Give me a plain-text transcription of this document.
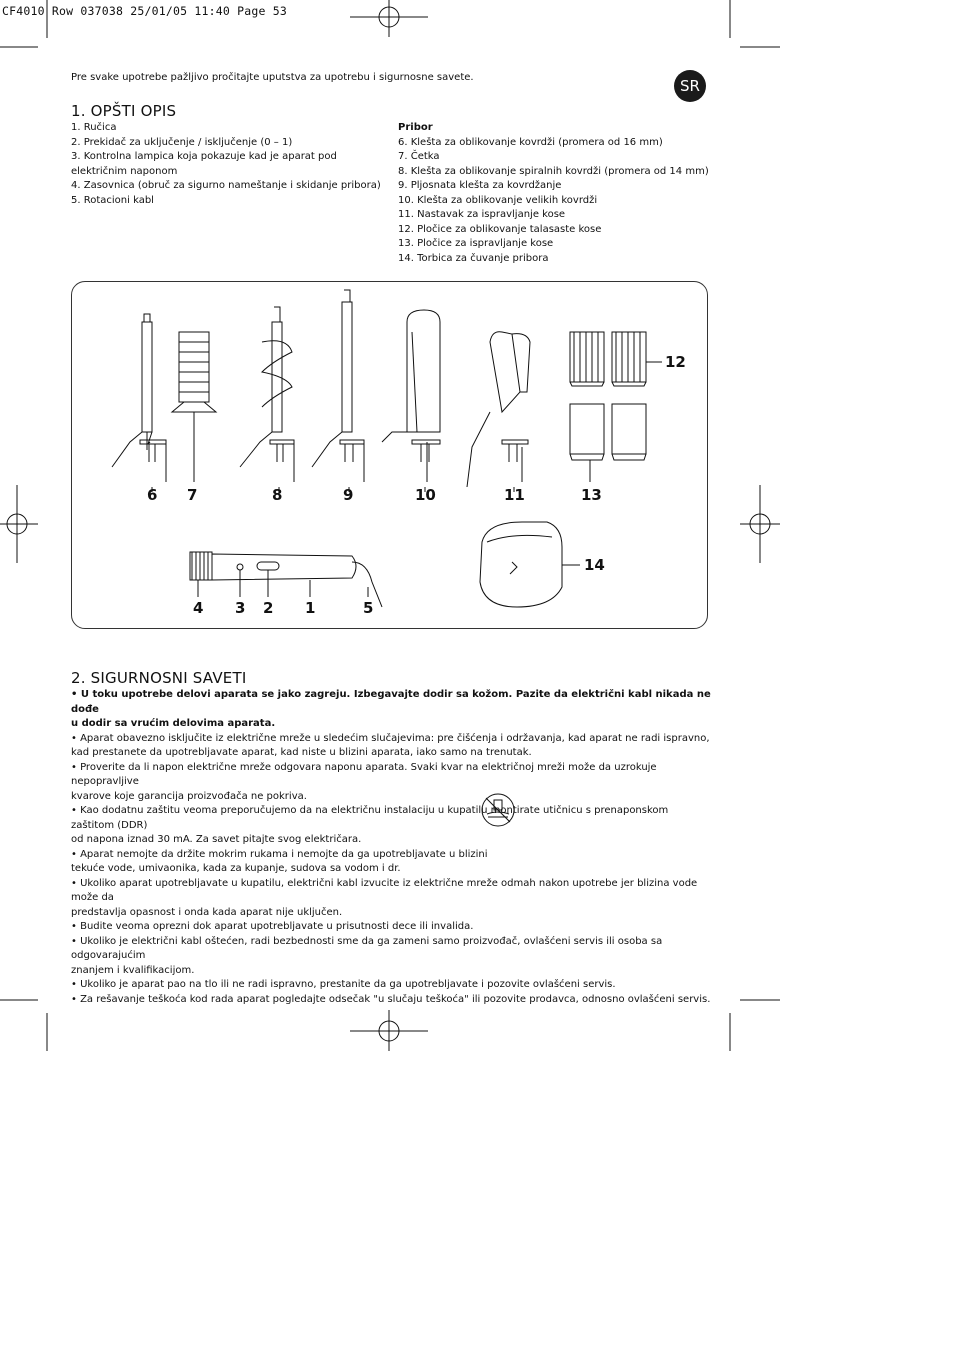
CF4010 Row 037038 25/01/05 11:40 Page 53
Pre svake upotrebe pažljivo pročitajte uputstva za upotrebu i sigurnosne savete.	SR
1. OPŠTI OPIS
1. Ručica
2. Prekidač za uključenje / isključenje (0 – 1)
3. Kontrolna lampica koja pokazuje kad je aparat pod
električnim naponom
4. Zasovnica (obruč za sigurno nameštanje i skidanje pribora)
5. Rotacioni kabl
Pribor
6. Klešta za oblikovanje kovrdži (promera od 16 mm)
7. Četka
8. Klešta za oblikovanje spiralnih kovrdži (promera od 14 mm)
9. Pljosnata klešta za kovrdžanje
10. Klešta za oblikovanje velikih kovrdži
11. Nastavak za ispravljanje kose
12. Pločice za oblikovanje talasaste kose
13. Pločice za ispravljanje kose
14. Torbica za čuvanje pribora
6 7	8	9	10	11
12
13
14
4 3 2 1	5
2. SIGURNOSNI SAVETI

• U toku upotrebe delovi aparata se jako zagreju. Izbegavajte dodir sa kožom. Pazite da električni kabl nikada ne dođe

u dodir sa vrućim delovima aparata.

• Aparat obavezno isključite iz električne mreže u sledećim slučajevima: pre čišćenja i održavanja, kad aparat ne radi ispravno,

kad prestanete da upotrebljavate aparat, kad niste u blizini aparata, iako samo na trenutak.

• Proverite da li napon električne mreže odgovara naponu aparata. Svaki kvar na električnoj mreži može da uzrokuje nepopravljive

kvarove koje garancija proizvođača ne pokriva.

• Kao dodatnu zaštitu veoma preporučujemo da na električnu instalaciju u kupatilu montirate utičnicu s prenaponskom zaštitom (DDR)

od napona iznad 30 mA. Za savet pitajte svog električara.

• Aparat nemojte da držite mokrim rukama i nemojte da ga upotrebljavate u blizini

tekuće vode, umivaonika, kada za kupanje, sudova sa vodom i dr.

• Ukoliko aparat upotrebljavate u kupatilu, električni kabl izvucite iz električne mreže odmah nakon upotrebe jer blizina vode može da

predstavlja opasnost i onda kada aparat nije uključen.

• Budite veoma oprezni dok aparat upotrebljavate u prisutnosti dece ili invalida.

• Ukoliko je električni kabl oštećen, radi bezbednosti sme da ga zameni samo proizvođač, ovlašćeni servis ili osoba sa odgovarajućim

znanjem i kvalifikacijom.

• Ukoliko je aparat pao na tlo ili ne radi ispravno, prestanite da ga upotrebljavate i pozovite ovlašćeni servis.

• Za rešavanje teškoća kod rada aparat pogledajte odsečak "u slučaju teškoća" ili pozovite prodavca, odnosno ovlašćeni servis.
